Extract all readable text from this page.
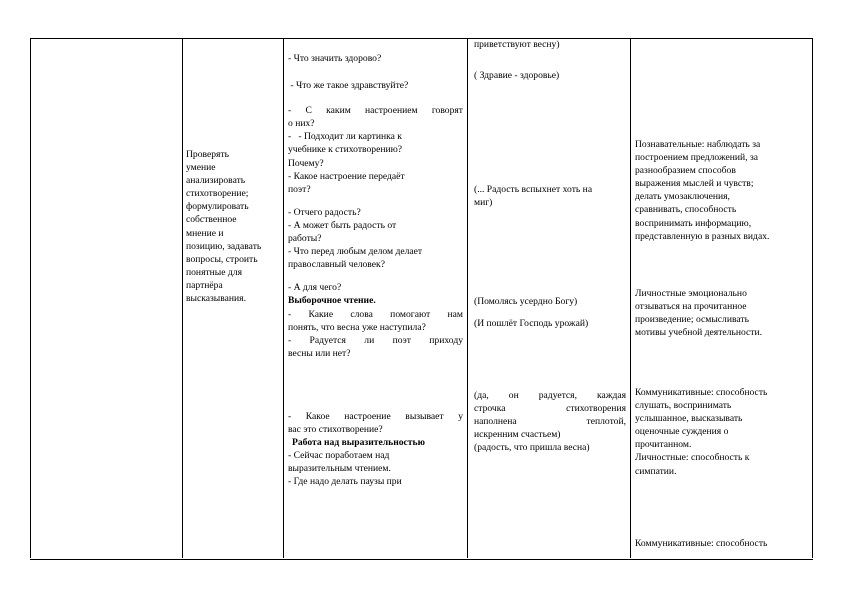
Проверять

умение

анализировать

стихотворение;

формулировать

собственное

мнение и

позицию, задавать

вопросы, строить

понятные для

партнёра

высказывания.

- Что значить здорово?

- Что же такое здравствуйте?

- С каким настроением говорят

о них?

-   - Подходит ли картинка к

учебнике к стихотворению?

Почему?

- Какое настроение передаёт

поэт?

- Отчего радость?

- А может быть радость от

работы?

- Что перед любым делом делает

православный человек?

- А для чего?

Выборочное чтение.

- Какие слова помогают нам

понять, что весна уже наступила?

- Радуется ли поэт приходу

весны или нет?

- Какое настроение вызывает у

вас это стихотворение?

Работа над выразительностью

- Сейчас поработаем над

выразительным чтением.

- Где надо делать паузы при

приветствуют весну)

( Здравие - здоровье)

(... Радость вспыхнет хоть на

миг)

(Помолясь усердно Богу)

(И пошлёт Господь урожай)

(да, он радуется, каждая

строчка стихотворения

наполнена теплотой,

искренним счастьем)

(радость, что пришла весна)

Познавательные: наблюдать за

построением предложений, за

разнообразием способов

выражения мыслей и чувств;

делать умозаключения,

сравнивать, способность

воспринимать информацию,

представленную в разных видах.

Личностные эмоционально

отзываться на прочитанное

произведение; осмысливать

мотивы учебной деятельности.

Коммуникативные: способность

слушать, воспринимать

услышанное, высказывать

оценочные суждения о

прочитанном.

Личностные: способность к

симпатии.

Коммуникативные: способность
